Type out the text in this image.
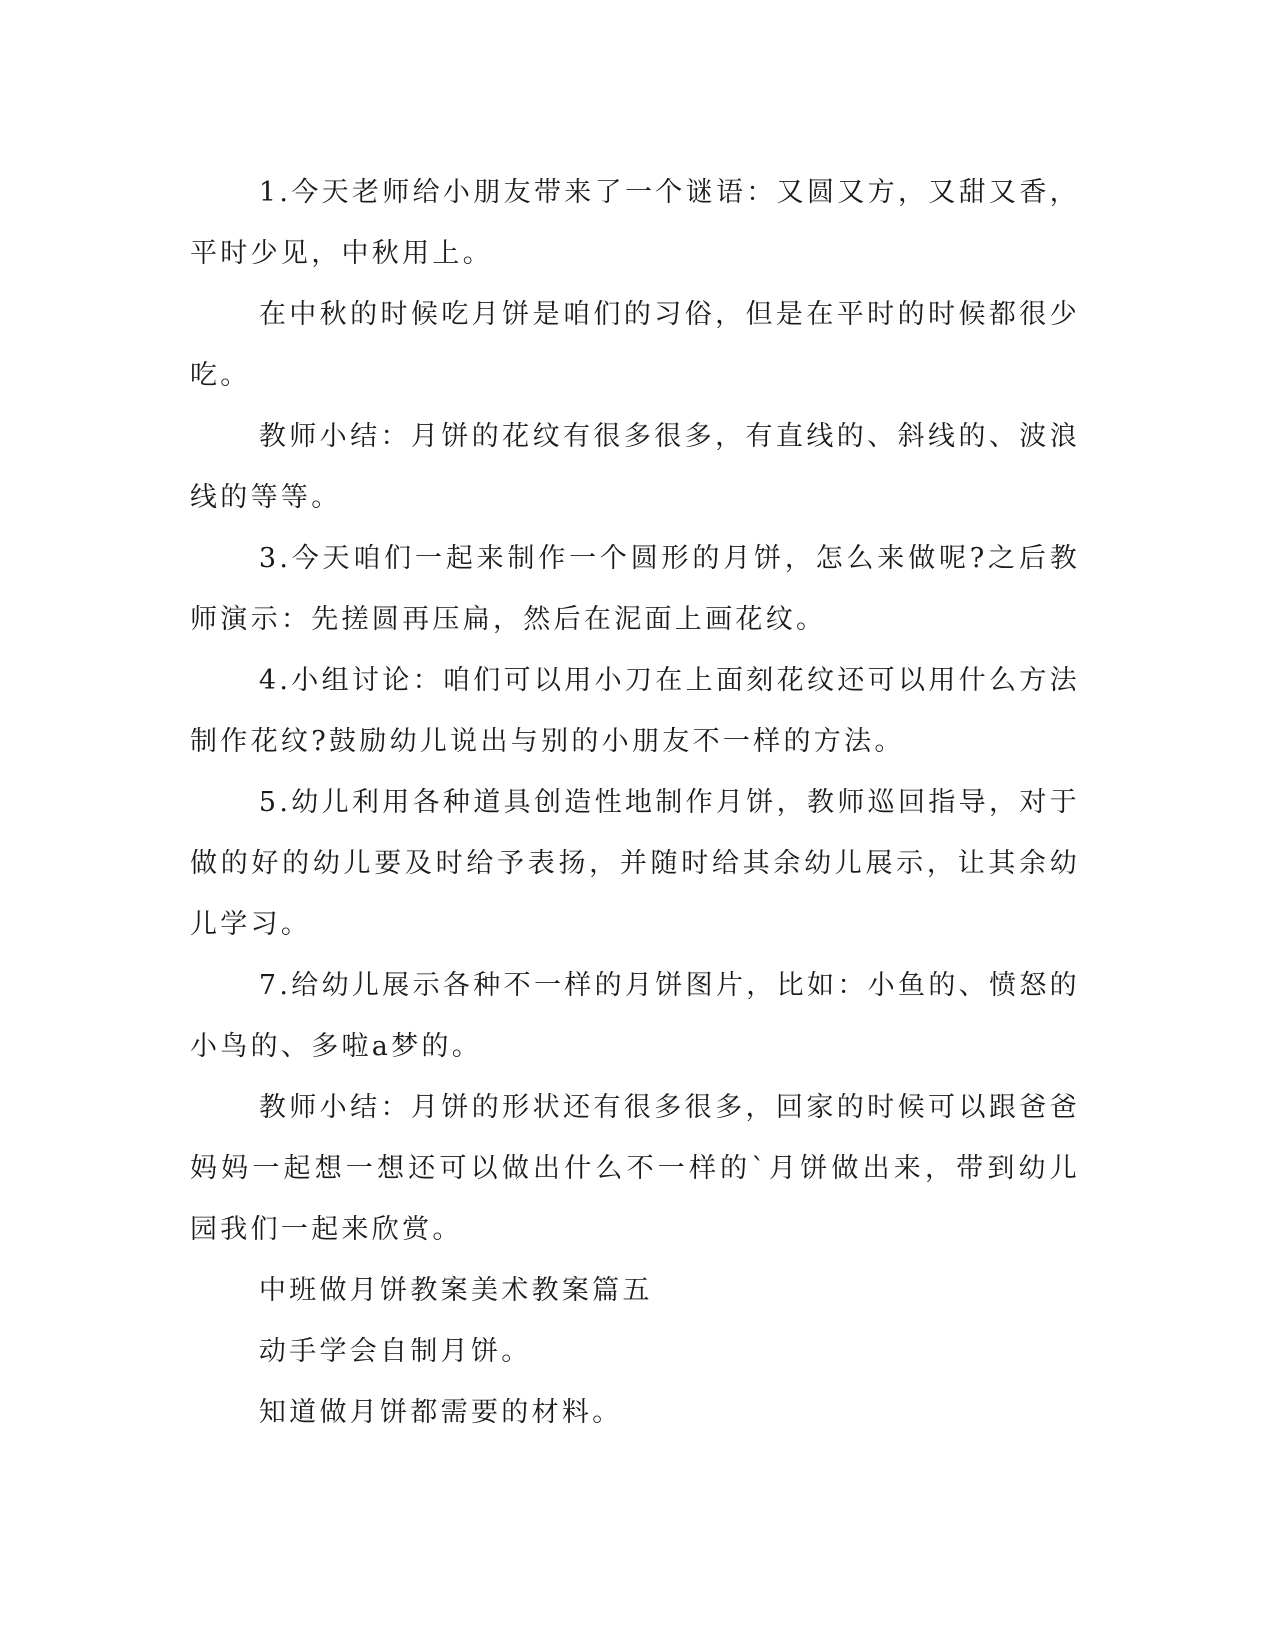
1.今天老师给小朋友带来了一个谜语：又圆又方，又甜又香，平时少见，中秋用上。

在中秋的时候吃月饼是咱们的习俗，但是在平时的时候都很少吃。

教师小结：月饼的花纹有很多很多，有直线的、斜线的、波浪线的等等。

3.今天咱们一起来制作一个圆形的月饼，怎么来做呢?之后教师演示：先搓圆再压扁，然后在泥面上画花纹。

4.小组讨论：咱们可以用小刀在上面刻花纹还可以用什么方法制作花纹?鼓励幼儿说出与别的小朋友不一样的方法。

5.幼儿利用各种道具创造性地制作月饼，教师巡回指导，对于做的好的幼儿要及时给予表扬，并随时给其余幼儿展示，让其余幼儿学习。

7.给幼儿展示各种不一样的月饼图片，比如：小鱼的、愤怒的小鸟的、多啦a梦的。

教师小结：月饼的形状还有很多很多，回家的时候可以跟爸爸妈妈一起想一想还可以做出什么不一样的`月饼做出来，带到幼儿园我们一起来欣赏。

中班做月饼教案美术教案篇五

动手学会自制月饼。

知道做月饼都需要的材料。
